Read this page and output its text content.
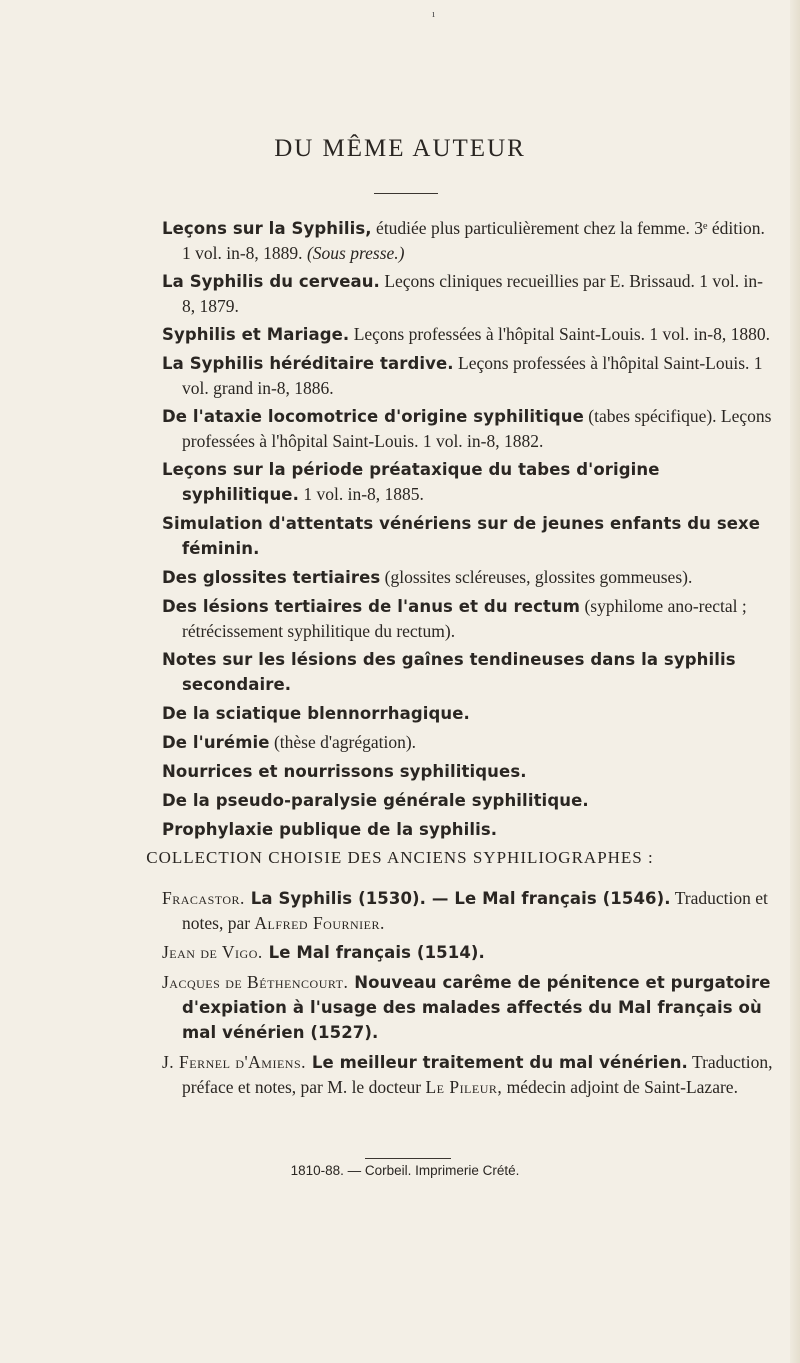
ı
DU MÊME AUTEUR
Leçons sur la Syphilis, étudiée plus particulièrement chez la femme. 3ᵉ édition. 1 vol. in-8, 1889. (Sous presse.)
La Syphilis du cerveau. Leçons cliniques recueillies par E. Brissaud. 1 vol. in-8, 1879.
Syphilis et Mariage. Leçons professées à l'hôpital Saint-Louis. 1 vol. in-8, 1880.
La Syphilis héréditaire tardive. Leçons professées à l'hôpital Saint-Louis. 1 vol. grand in-8, 1886.
De l'ataxie locomotrice d'origine syphilitique (tabes spécifique). Leçons professées à l'hôpital Saint-Louis. 1 vol. in-8, 1882.
Leçons sur la période préataxique du tabes d'origine syphilitique. 1 vol. in-8, 1885.
Simulation d'attentats vénériens sur de jeunes enfants du sexe féminin.
Des glossites tertiaires (glossites scléreuses, glossites gommeuses).
Des lésions tertiaires de l'anus et du rectum (syphilome ano-rectal ; rétrécissement syphilitique du rectum).
Notes sur les lésions des gaînes tendineuses dans la syphilis secondaire.
De la sciatique blennorrhagique.
De l'urémie (thèse d'agrégation).
Nourrices et nourrissons syphilitiques.
De la pseudo-paralysie générale syphilitique.
Prophylaxie publique de la syphilis.
COLLECTION CHOISIE DES ANCIENS SYPHILIOGRAPHES :
Fracastor. La Syphilis (1530). — Le Mal français (1546). Traduction et notes, par Alfred Fournier.
Jean de Vigo. Le Mal français (1514).
Jacques de Béthencourt. Nouveau carême de pénitence et purgatoire d'expiation à l'usage des malades affectés du Mal français où mal vénérien (1527).
J. Fernel d'Amiens. Le meilleur traitement du mal vénérien. Traduction, préface et notes, par M. le docteur Le Pileur, médecin adjoint de Saint-Lazare.
1810-88. — Corbeil. Imprimerie Crété.
